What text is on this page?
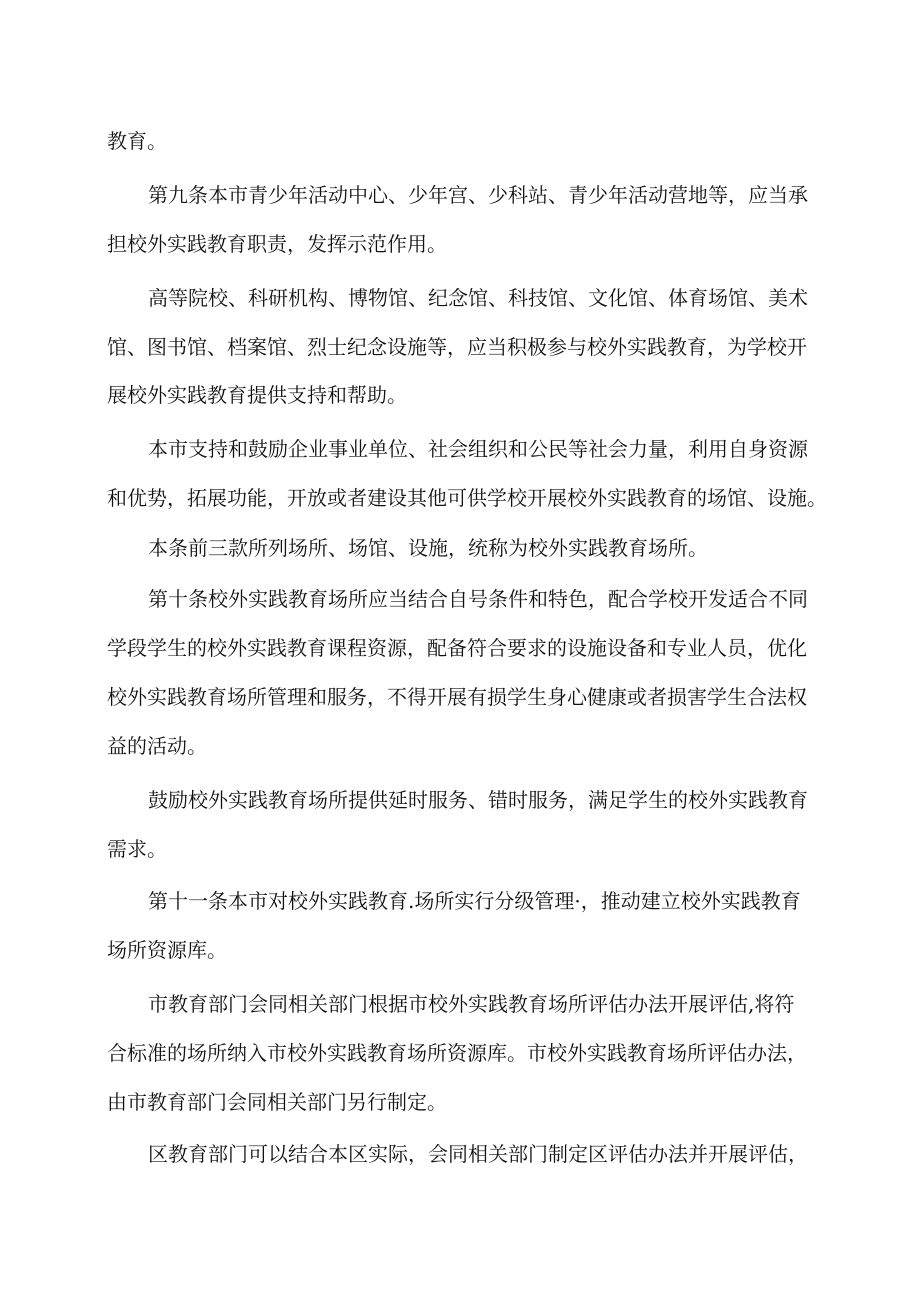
教育。
第九条本市青少年活动中心、少年宫、少科站、青少年活动营地等，应当承
担校外实践教育职责，发挥示范作用。
高等院校、科研机构、博物馆、纪念馆、科技馆、文化馆、体育场馆、美术
馆、图书馆、档案馆、烈士纪念设施等，应当积极参与校外实践教育，为学校开
展校外实践教育提供支持和帮助。
本市支持和鼓励企业事业单位、社会组织和公民等社会力量，利用自身资源
和优势，拓展功能，开放或者建设其他可供学校开展校外实践教育的场馆、设施。
本条前三款所列场所、场馆、设施，统称为校外实践教育场所。
第十条校外实践教育场所应当结合自号条件和特色，配合学校开发适合不同
学段学生的校外实践教育课程资源，配备符合要求的设施设备和专业人员，优化
校外实践教育场所管理和服务，不得开展有损学生身心健康或者损害学生合法权
益的活动。
鼓励校外实践教育场所提供延时服务、错时服务，满足学生的校外实践教育
需求。
第十一条本市对校外实践教育.场所实行分级管理·，推动建立校外实践教育
场所资源库。
市教育部门会同相关部门根据市校外实践教育场所评估办法开展评估,将符
合标准的场所纳入市校外实践教育场所资源库。市校外实践教育场所评估办法，
由市教育部门会同相关部门另行制定。
区教育部门可以结合本区实际，会同相关部门制定区评估办法并开展评估，
